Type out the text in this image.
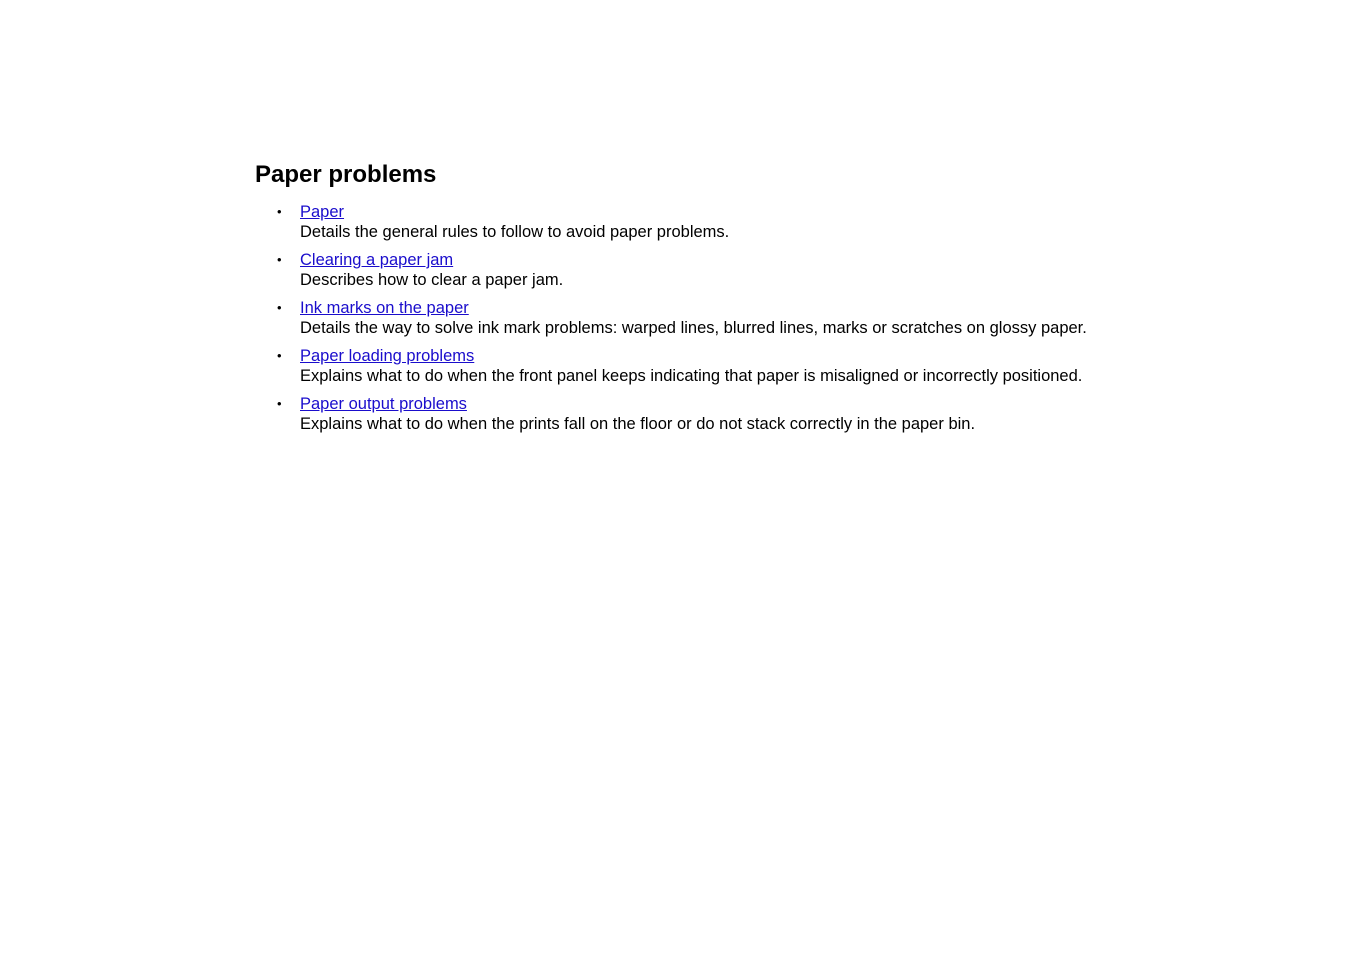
Paper problems
•	Paper
Details the general rules to follow to avoid paper problems.
•	Clearing a paper jam
Describes how to clear a paper jam.
•	Ink marks on the paper
Details the way to solve ink mark problems: warped lines, blurred lines, marks or scratches on glossy paper.
•	Paper loading problems
Explains what to do when the front panel keeps indicating that paper is misaligned or incorrectly positioned.
•	Paper output problems
Explains what to do when the prints fall on the floor or do not stack correctly in the paper bin.
